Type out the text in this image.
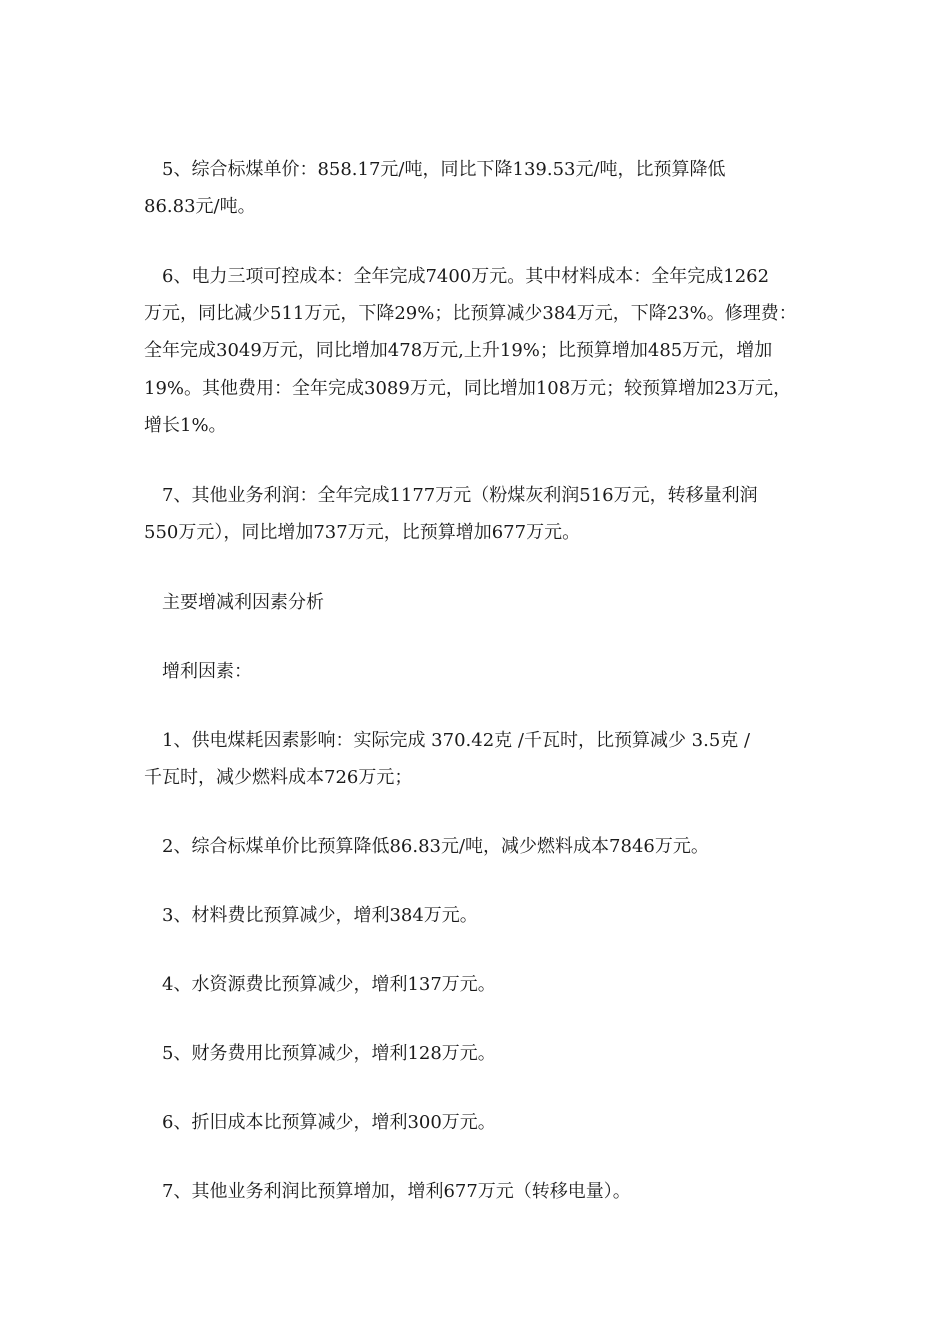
　5、综合标煤单价：858.17元/吨，同比下降139.53元/吨，比预算降低
86.83元/吨。
　6、电力三项可控成本：全年完成7400万元。其中材料成本：全年完成1262
万元，同比减少511万元，下降29%；比预算减少384万元，下降23%。修理费：
全年完成3049万元，同比增加478万元,上升19%；比预算增加485万元，增加
19%。其他费用：全年完成3089万元，同比增加108万元；较预算增加23万元，
增长1%。
　7、其他业务利润：全年完成1177万元（粉煤灰利润516万元，转移量利润
550万元），同比增加737万元，比预算增加677万元。
　主要增减利因素分析
　增利因素：
　1、供电煤耗因素影响：实际完成 370.42克 /千瓦时，比预算减少 3.5克 /
千瓦时，减少燃料成本726万元；
　2、综合标煤单价比预算降低86.83元/吨，减少燃料成本7846万元。
　3、材料费比预算减少，增利384万元。
　4、水资源费比预算减少，增利137万元。
　5、财务费用比预算减少，增利128万元。
　6、折旧成本比预算减少，增利300万元。
　7、其他业务利润比预算增加，增利677万元（转移电量）。
